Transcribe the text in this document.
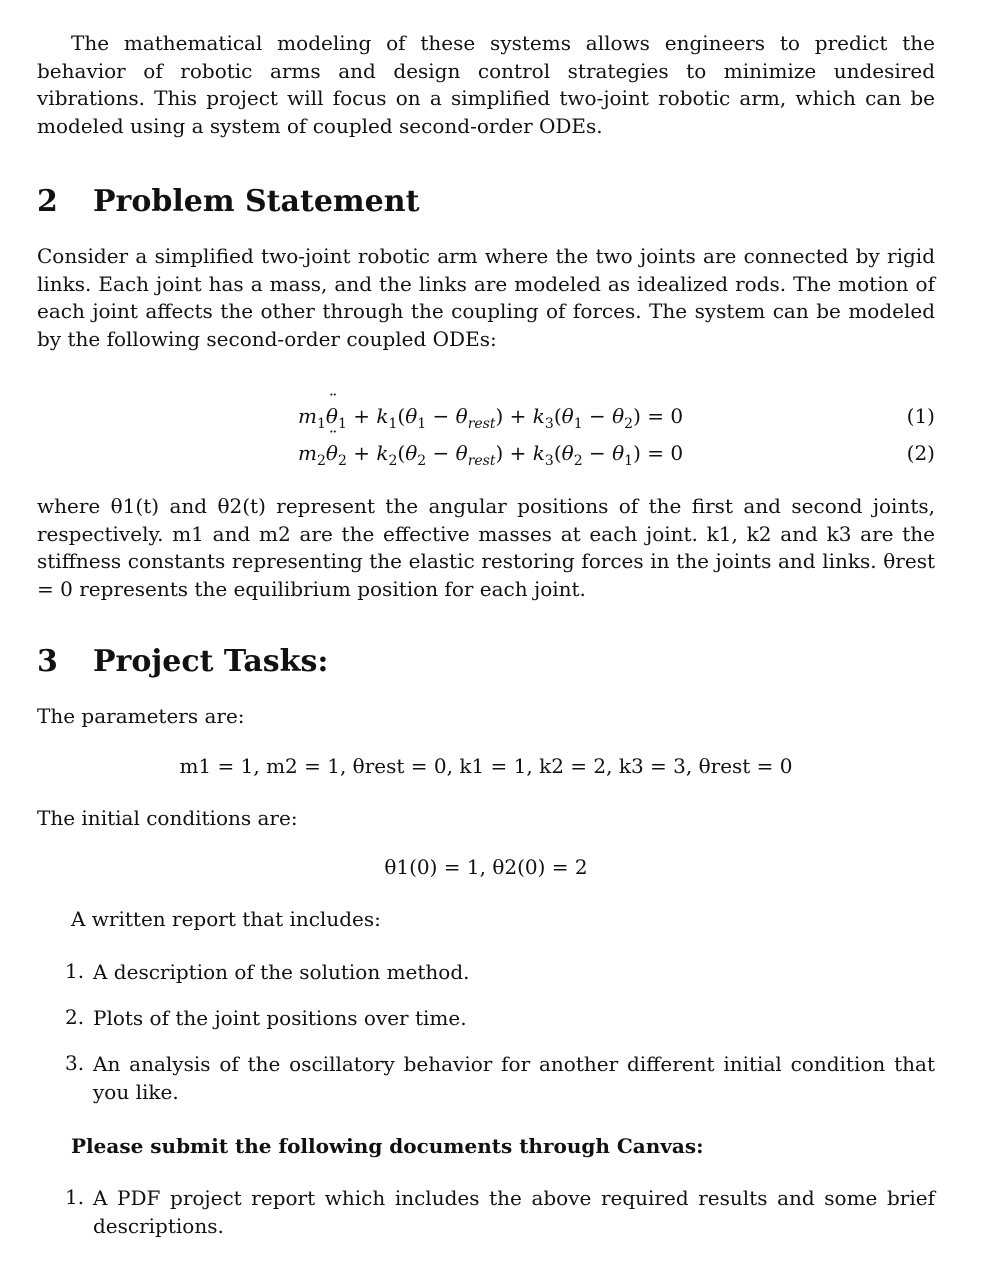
The mathematical modeling of these systems allows engineers to predict the behavior of robotic arms and design control strategies to minimize undesired vibrations. This project will focus on a simplified two-joint robotic arm, which can be modeled using a system of coupled second-order ODEs.

2 Problem Statement

Consider a simplified two-joint robotic arm where the two joints are connected by rigid links. Each joint has a mass, and the links are modeled as idealized rods. The motion of each joint affects the other through the coupling of forces. The system can be modeled by the following second-order coupled ODEs:

$m_1¨$ $\theta_1 + k_1(\theta_1 - \theta_{rest}) + k_3(\theta_1 - \theta_2) = 0$	(1)
$m_2¨$ $\theta_2 + k_2(\theta_2 - \theta_{rest}) + k_3(\theta_2 - \theta_1) = 0$	(2)

where θ1(t) and θ2(t) represent the angular positions of the first and second joints, respectively. m1 and m2 are the effective masses at each joint. k1, k2 and k3 are the stiffness constants representing the elastic restoring forces in the joints and links. θrest = 0 represents the equilibrium position for each joint.

3 Project Tasks:

The parameters are:

m1 = 1, m2 = 1, θrest = 0, k1 = 1, k2 = 2, k3 = 3, θrest = 0

The initial conditions are:

θ1(0) = 1, θ2(0) = 2

A written report that includes:

1. A description of the solution method.
2. Plots of the joint positions over time.
3. An analysis of the oscillatory behavior for another different initial condition that you like.

Please submit the following documents through Canvas:

1. A PDF project report which includes the above required results and some brief descriptions.
